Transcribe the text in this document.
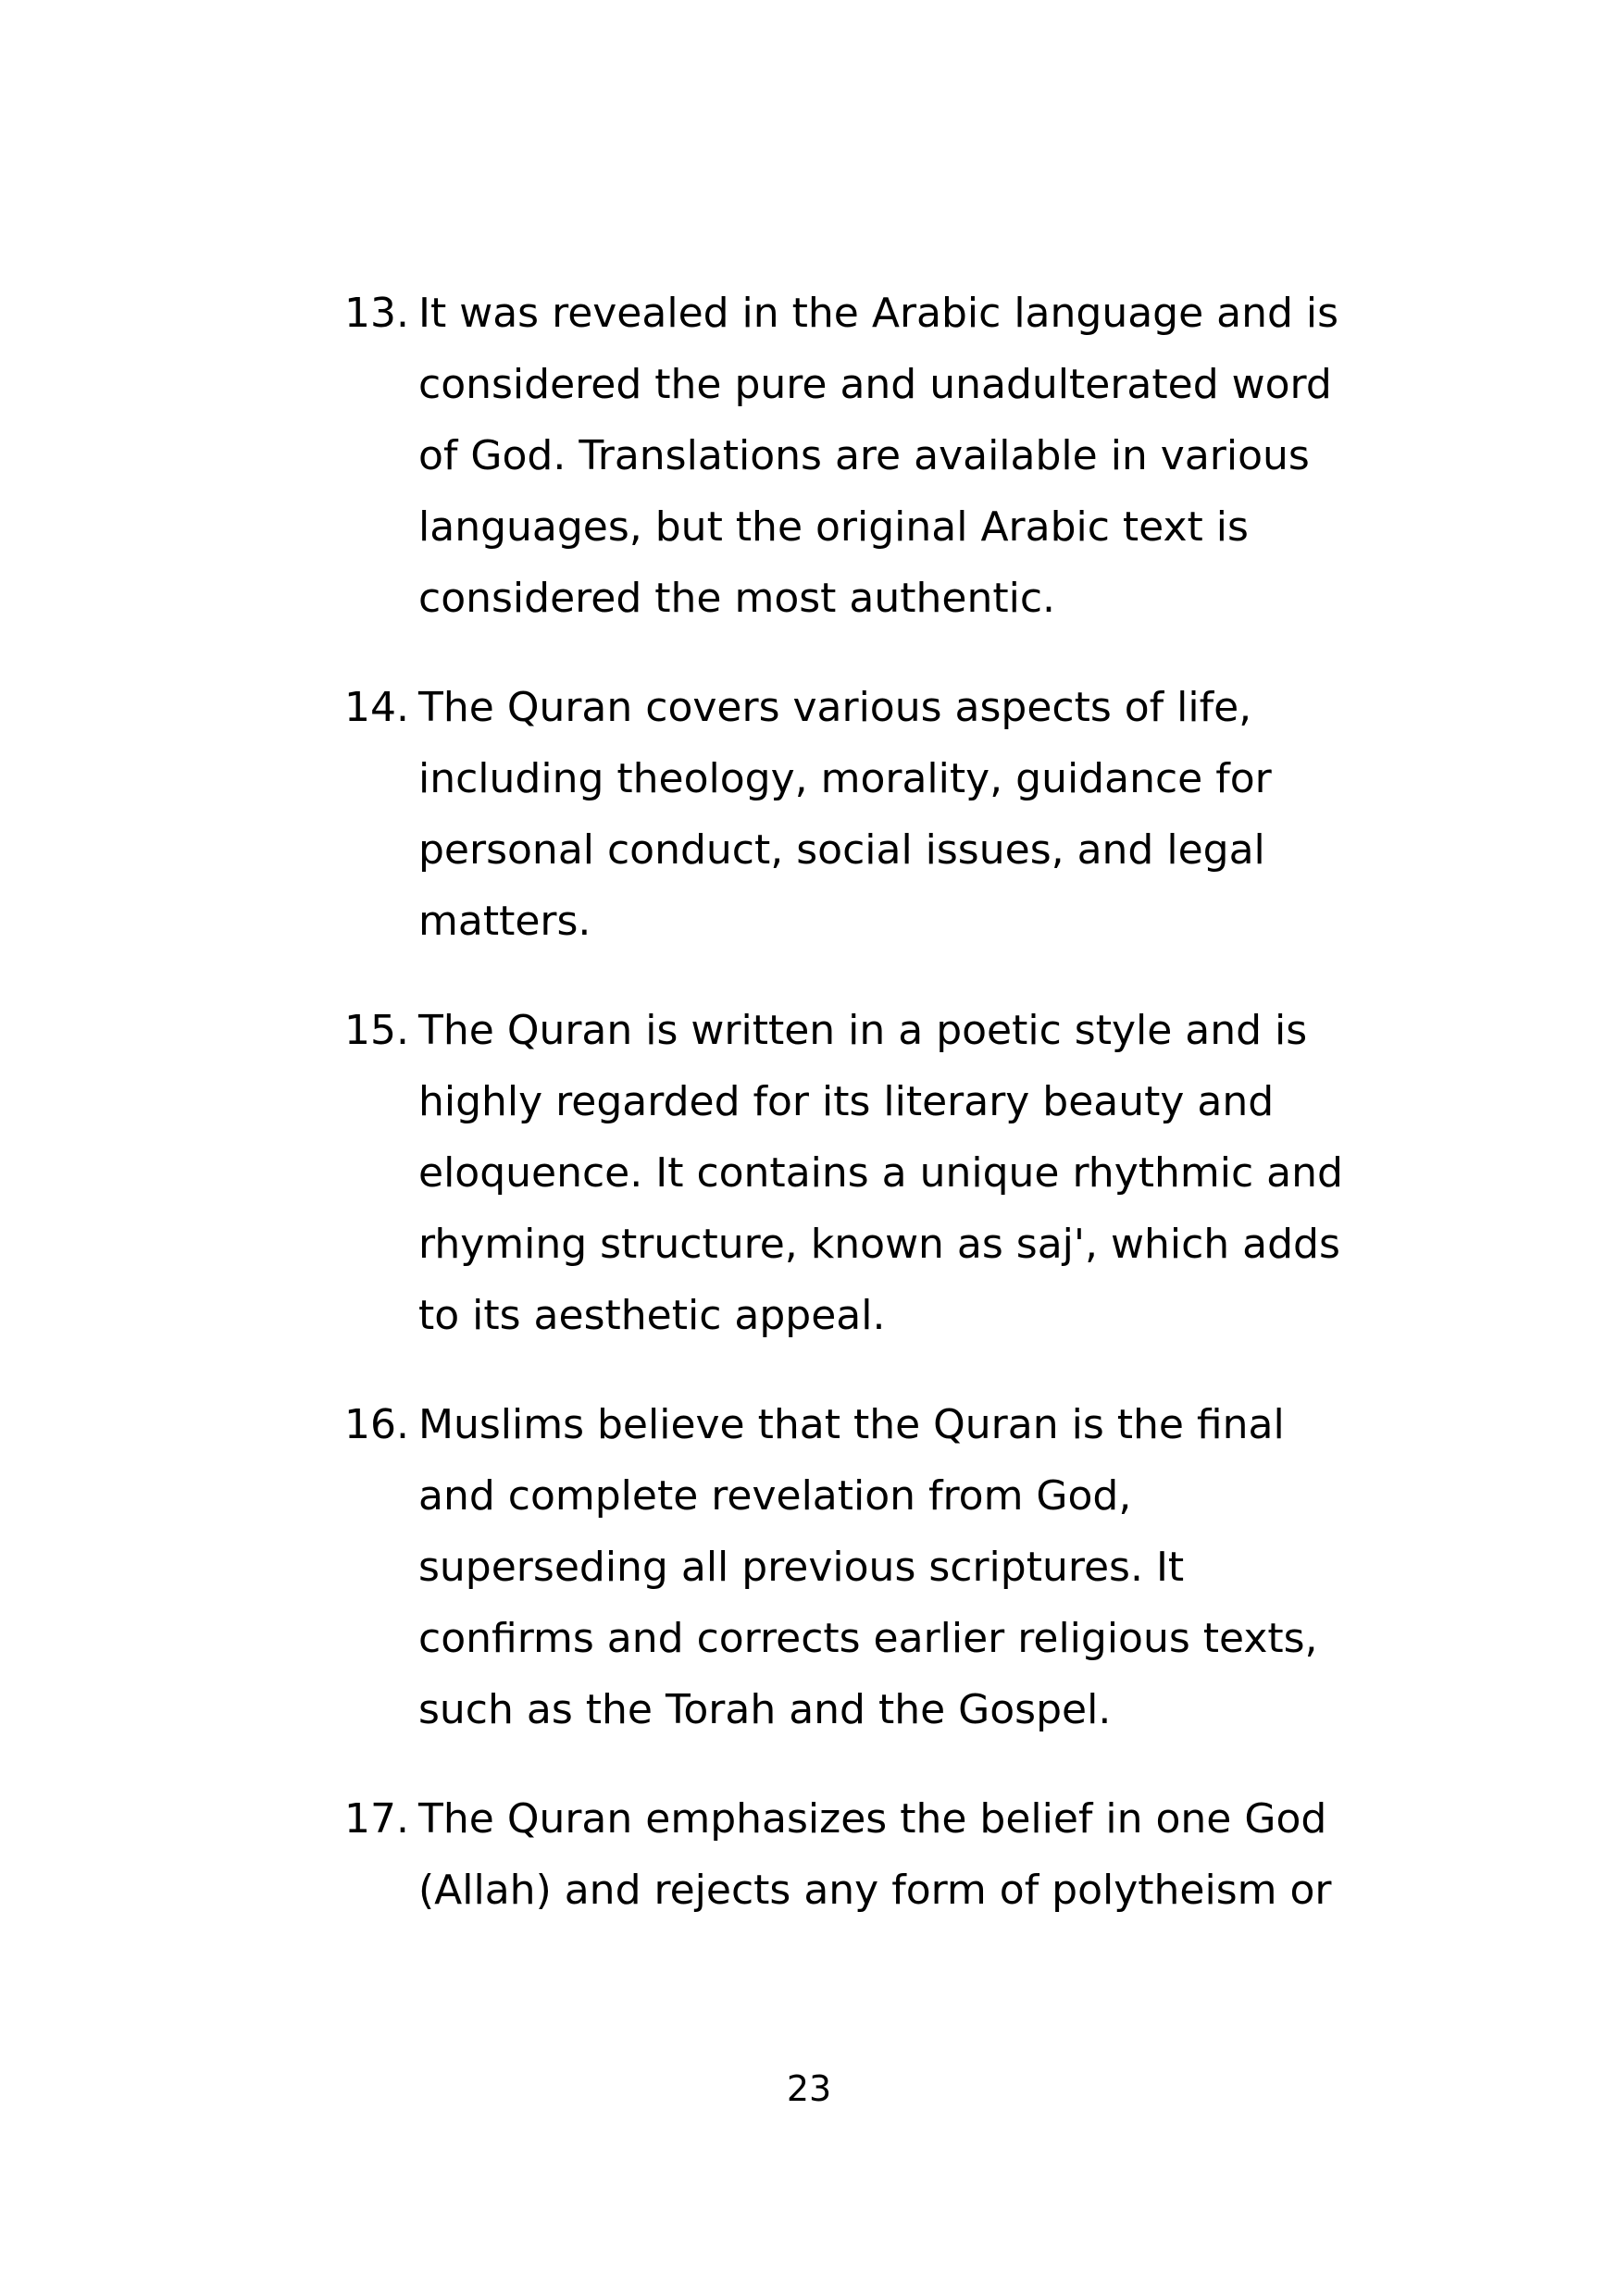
13. It was revealed in the Arabic language and is
considered the pure and unadulterated word
of God. Translations are available in various
languages, but the original Arabic text is
considered the most authentic.
14. The Quran covers various aspects of life,
including theology, morality, guidance for
personal conduct, social issues, and legal
matters.
15. The Quran is written in a poetic style and is
highly regarded for its literary beauty and
eloquence. It contains a unique rhythmic and
rhyming structure, known as saj', which adds
to its aesthetic appeal.
16. Muslims believe that the Quran is the final
and complete revelation from God,
superseding all previous scriptures. It
confirms and corrects earlier religious texts,
such as the Torah and the Gospel.
17. The Quran emphasizes the belief in one God
(Allah) and rejects any form of polytheism or
23
